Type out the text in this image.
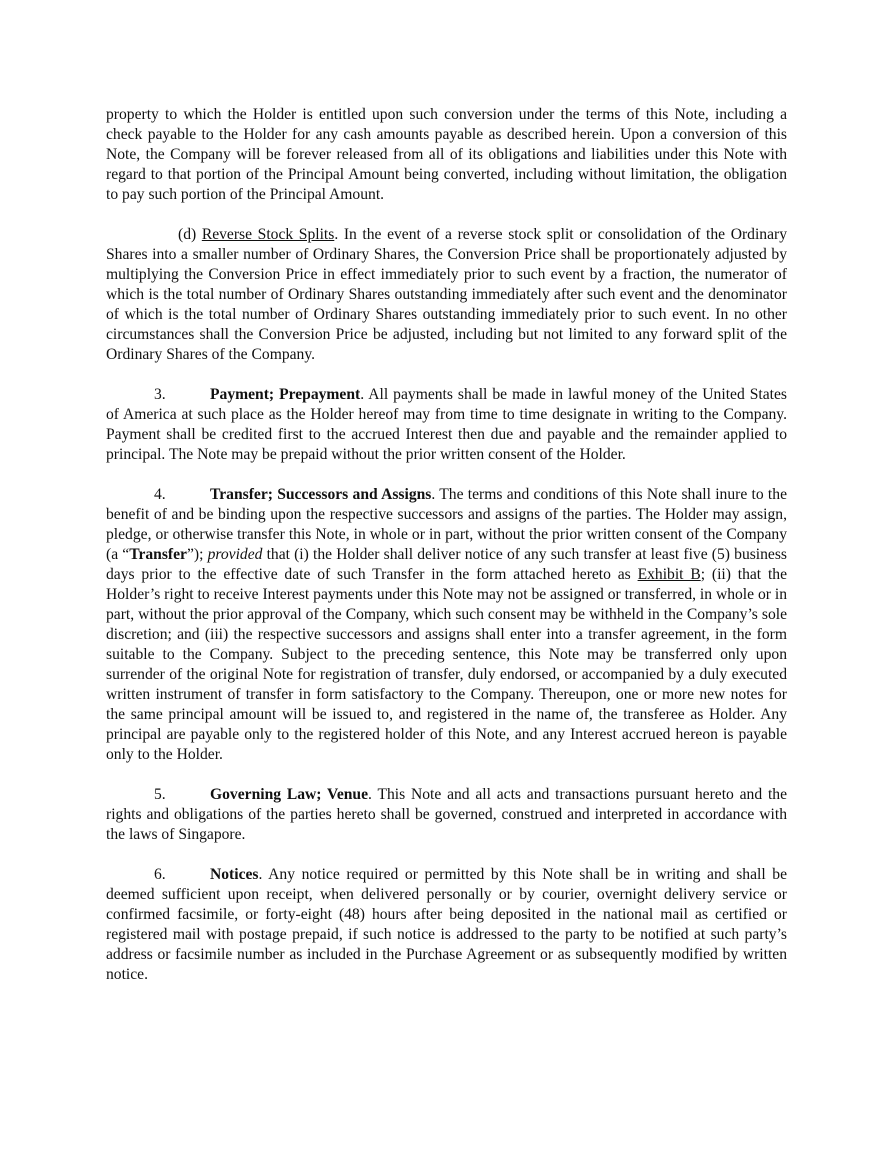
property to which the Holder is entitled upon such conversion under the terms of this Note, including a check payable to the Holder for any cash amounts payable as described herein. Upon a conversion of this Note, the Company will be forever released from all of its obligations and liabilities under this Note with regard to that portion of the Principal Amount being converted, including without limitation, the obligation to pay such portion of the Principal Amount.

(d) Reverse Stock Splits. In the event of a reverse stock split or consolidation of the Ordinary Shares into a smaller number of Ordinary Shares, the Conversion Price shall be proportionately adjusted by multiplying the Conversion Price in effect immediately prior to such event by a fraction, the numerator of which is the total number of Ordinary Shares outstanding immediately after such event and the denominator of which is the total number of Ordinary Shares outstanding immediately prior to such event. In no other circumstances shall the Conversion Price be adjusted, including but not limited to any forward split of the Ordinary Shares of the Company.

3.	Payment; Prepayment. All payments shall be made in lawful money of the United States of America at such place as the Holder hereof may from time to time designate in writing to the Company. Payment shall be credited first to the accrued Interest then due and payable and the remainder applied to principal. The Note may be prepaid without the prior written consent of the Holder.

4.	Transfer; Successors and Assigns. The terms and conditions of this Note shall inure to the benefit of and be binding upon the respective successors and assigns of the parties. The Holder may assign, pledge, or otherwise transfer this Note, in whole or in part, without the prior written consent of the Company (a “Transfer”); provided that (i) the Holder shall deliver notice of any such transfer at least five (5) business days prior to the effective date of such Transfer in the form attached hereto as Exhibit B; (ii) that the Holder’s right to receive Interest payments under this Note may not be assigned or transferred, in whole or in part, without the prior approval of the Company, which such consent may be withheld in the Company’s sole discretion; and (iii) the respective successors and assigns shall enter into a transfer agreement, in the form suitable to the Company. Subject to the preceding sentence, this Note may be transferred only upon surrender of the original Note for registration of transfer, duly endorsed, or accompanied by a duly executed written instrument of transfer in form satisfactory to the Company. Thereupon, one or more new notes for the same principal amount will be issued to, and registered in the name of, the transferee as Holder. Any principal are payable only to the registered holder of this Note, and any Interest accrued hereon is payable only to the Holder.

5.	Governing Law; Venue. This Note and all acts and transactions pursuant hereto and the rights and obligations of the parties hereto shall be governed, construed and interpreted in accordance with the laws of Singapore.

6.	Notices. Any notice required or permitted by this Note shall be in writing and shall be deemed sufficient upon receipt, when delivered personally or by courier, overnight delivery service or confirmed facsimile, or forty-eight (48) hours after being deposited in the national mail as certified or registered mail with postage prepaid, if such notice is addressed to the party to be notified at such party’s address or facsimile number as included in the Purchase Agreement or as subsequently modified by written notice.
